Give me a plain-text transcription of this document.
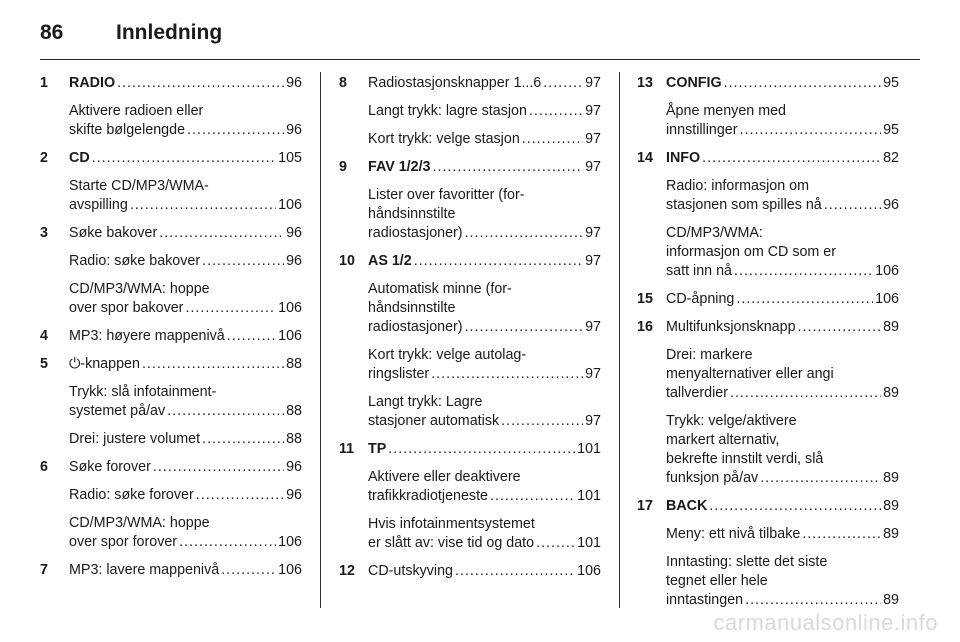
86	Innledning
1	RADIO .....	96
Aktivere radioen eller
skifte bølgelengde .....	96
2	CD .....	105
Starte CD/MP3/WMA-
avspilling .....	106
3	Søke bakover .....	96
Radio: søke bakover .....	96
CD/MP3/WMA: hoppe
over spor bakover .....	106
4	MP3: høyere mappenivå .....	106
5	⏻-knappen .....	88
Trykk: slå infotainment-
systemet på/av .....	88
Drei: justere volumet .....	88
6	Søke forover .....	96
Radio: søke forover .....	96
CD/MP3/WMA: hoppe
over spor forover .....	106
7	MP3: lavere mappenivå .....	106
8	Radiostasjonsknapper 1...6 .....	97
Langt trykk: lagre stasjon .....	97
Kort trykk: velge stasjon .....	97
9	FAV 1/2/3 .....	97
Lister over favoritter (for-
håndsinnstilte
radiostasjoner) .....	97
10 AS 1/2 .....	97
Automatisk minne (for-
håndsinnstilte
radiostasjoner) .....	97
Kort trykk: velge autolag-
ringslister .....	97
Langt trykk: Lagre
stasjoner automatisk .....	97
11 TP .....	101
Aktivere eller deaktivere
trafikkradiotjeneste .....	101
Hvis infotainmentsystemet
er slått av: vise tid og dato .....	101
12 CD-utskyving .....	106
13 CONFIG .....	95
Åpne menyen med
innstillinger .....	95
14 INFO .....	82
Radio: informasjon om
stasjonen som spilles nå .....	96
CD/MP3/WMA:
informasjon om CD som er
satt inn nå .....	106
15 CD-åpning .....	106
16 Multifunksjonsknapp .....	89
Drei: markere
menyalternativer eller angi
tallverdier .....	89
Trykk: velge/aktivere
markert alternativ,
bekrefte innstilt verdi, slå
funksjon på/av .....	89
17 BACK .....	89
Meny: ett nivå tilbake .....	89
Inntasting: slette det siste
tegnet eller hele
inntastingen .....	89
carmanualsonline.info
